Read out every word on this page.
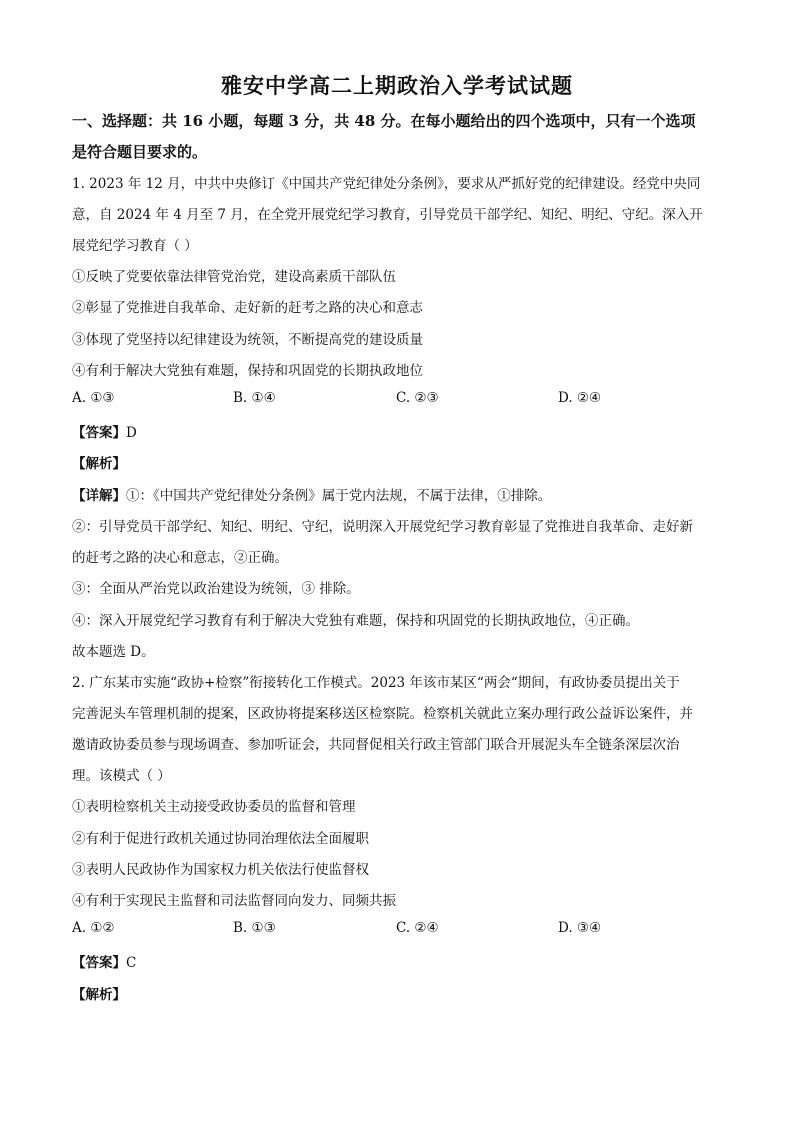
雅安中学高二上期政治入学考试试题
一、选择题：共 16 小题，每题 3 分，共 48 分。在每小题给出的四个选项中，只有一个选项
是符合题目要求的。
1. 2023 年 12 月，中共中央修订《中国共产党纪律处分条例》，要求从严抓好党的纪律建设。经党中央同
意，自 2024 年 4 月至 7 月，在全党开展党纪学习教育，引导党员干部学纪、知纪、明纪、守纪。深入开
展党纪学习教育（ ）
①反映了党要依靠法律管党治党，建设高素质干部队伍
②彰显了党推进自我革命、走好新的赶考之路的决心和意志
③体现了党坚持以纪律建设为统领，不断提高党的建设质量
④有利于解决大党独有难题，保持和巩固党的长期执政地位
A. ①③	B. ①④	C. ②③	D. ②④
【答案】D
【解析】
【详解】①：《中国共产党纪律处分条例》属于党内法规，不属于法律，①排除。
②：引导党员干部学纪、知纪、明纪、守纪，说明深入开展党纪学习教育彰显了党推进自我革命、走好新
的赶考之路的决心和意志，②正确。
③：全面从严治党以政治建设为统领，③ 排除。
④：深入开展党纪学习教育有利于解决大党独有难题，保持和巩固党的长期执政地位，④正确。
故本题选 D。
2. 广东某市实施“政协+检察”衔接转化工作模式。2023 年该市某区“两会“期间，有政协委员提出关于
完善泥头车管理机制的提案，区政协将提案移送区检察院。检察机关就此立案办理行政公益诉讼案件，并
邀请政协委员参与现场调查、参加听证会，共同督促相关行政主管部门联合开展泥头车全链条深层次治
理。该模式（ ）
①表明检察机关主动接受政协委员的监督和管理
②有利于促进行政机关通过协同治理依法全面履职
③表明人民政协作为国家权力机关依法行使监督权
④有利于实现民主监督和司法监督同向发力、同频共振
A. ①②	B. ①③	C. ②④	D. ③④
【答案】C
【解析】
